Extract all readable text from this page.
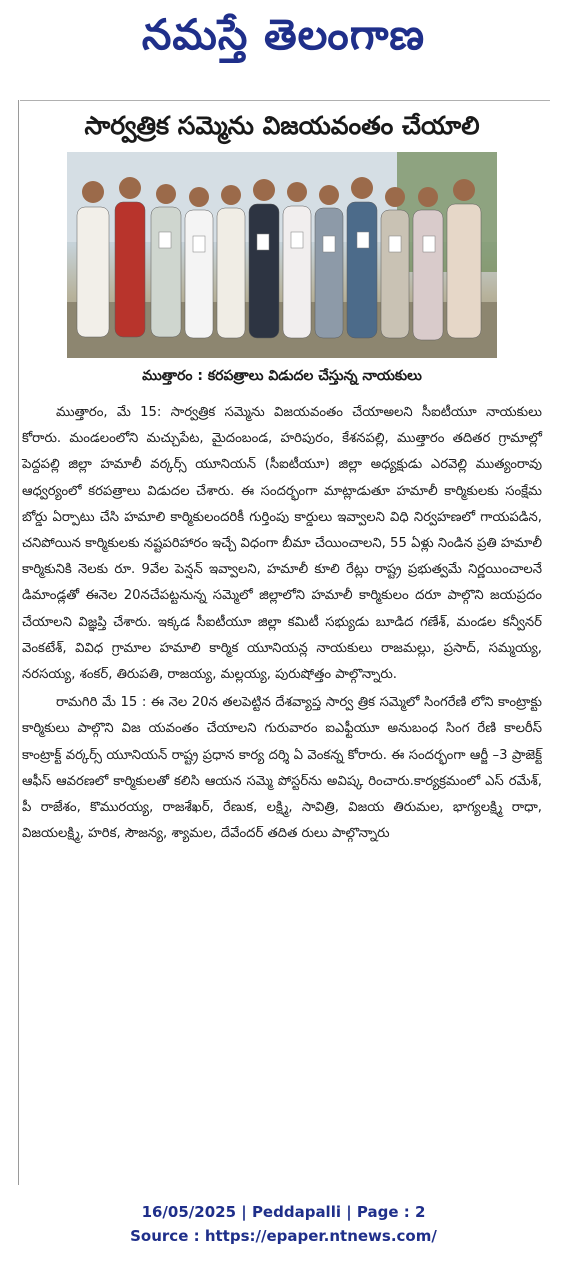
నమస్తే తెలంగాణ
సార్వత్రిక సమ్మెను విజయవంతం చేయాలి
ముత్తారం : కరపత్రాలు విడుదల చేస్తున్న నాయకులు

ముత్తారం, మే 15: సార్వత్రిక సమ్మెను విజయవంతం చేయాఅలని సీఐటీయూ నాయకులు కోరారు. మండలంలోని మచ్చుపేట, మైదంబండ, హరిపురం, కేశనపల్లి, ముత్తారం తదితర గ్రామాల్లో పెద్దపల్లి జిల్లా హమాలీ వర్కర్స్ యూనియన్ (సీఐటీయూ) జిల్లా అధ్యక్షుడు ఎరవెల్లి ముత్యంరావు ఆధ్వర్యంలో కరపత్రాలు విడుదల చేశారు. ఈ సందర్భంగా మాట్లాడుతూ హమాలీ కార్మికులకు సంక్షేమ బోర్డు ఏర్పాటు చేసి హమాలి కార్మికులందరికీ గుర్తింపు కార్డులు ఇవ్వాలని విధి నిర్వహణలో గాయపడిన, చనిపోయిన కార్మికులకు నష్టపరిహారం ఇచ్చే విధంగా బీమా చేయించాలని, 55 ఏళ్లు నిండిన ప్రతి హమాలీ కార్మికునికి నెలకు రూ. 9వేల పెన్షన్ ఇవ్వాలని, హమాలీ కూలి రేట్లు రాష్ట్ర ప్రభుత్వమే నిర్ణయించాలనే డిమాండ్లతో ఈనెల 20నచేపట్టనున్న సమ్మెలో జిల్లాలోని హమాలీ కార్మికులం దరూ పాల్గొని జయప్రదం చేయాలని విజ్ఞప్తి చేశారు. ఇక్కడ సీఐటీయూ జిల్లా కమిటీ సభ్యుడు బూడిద గణేశ్, మండల కన్వీనర్ వెంకటేశ్, వివిధ గ్రామాల హమాలి కార్మిక యూనియన్ల నాయకులు రాజమల్లు, ప్రసాద్, సమ్మయ్య, నరసయ్య, శంకర్, తిరుపతి, రాజయ్య, మల్లయ్య, పురుషోత్తం పాల్గొన్నారు.

రామగిరి మే 15 : ఈ నెల 20న తలపెట్టిన దేశవ్యాప్త సార్వ త్రిక సమ్మెలో సింగరేణి లోని కాంట్రాక్టు కార్మికులు పాల్గొని విజ యవంతం చేయాలని గురువారం ఐఎఫ్టీయూ అనుబంధ సింగ రేణి కాలరీస్ కాంట్రాక్ట్ వర్కర్స్ యూనియన్ రాష్ట్ర ప్రధాన కార్య దర్శి ఏ వెంకన్న కోరారు. ఈ సందర్భంగా ఆర్జీ –3 ప్రాజెక్ట్ ఆఫీస్ ఆవరణలో కార్మికులతో కలిసి ఆయన సమ్మె పోస్టర్‌ను అవిష్క రించారు.కార్యక్రమంలో ఎస్ రమేశ్, పీ రాజేశం, కొమురయ్య, రాజశేఖర్, రేణుక, లక్ష్మి, సావిత్రి, విజయ తిరుమల, భాగ్యలక్ష్మి రాధా, విజయలక్ష్మి, హరిక, సౌజన్య, శ్యామల, దేవేందర్ తదిత రులు పాల్గొన్నారు

16/05/2025 | Peddapalli | Page : 2
Source : https://epaper.ntnews.com/
